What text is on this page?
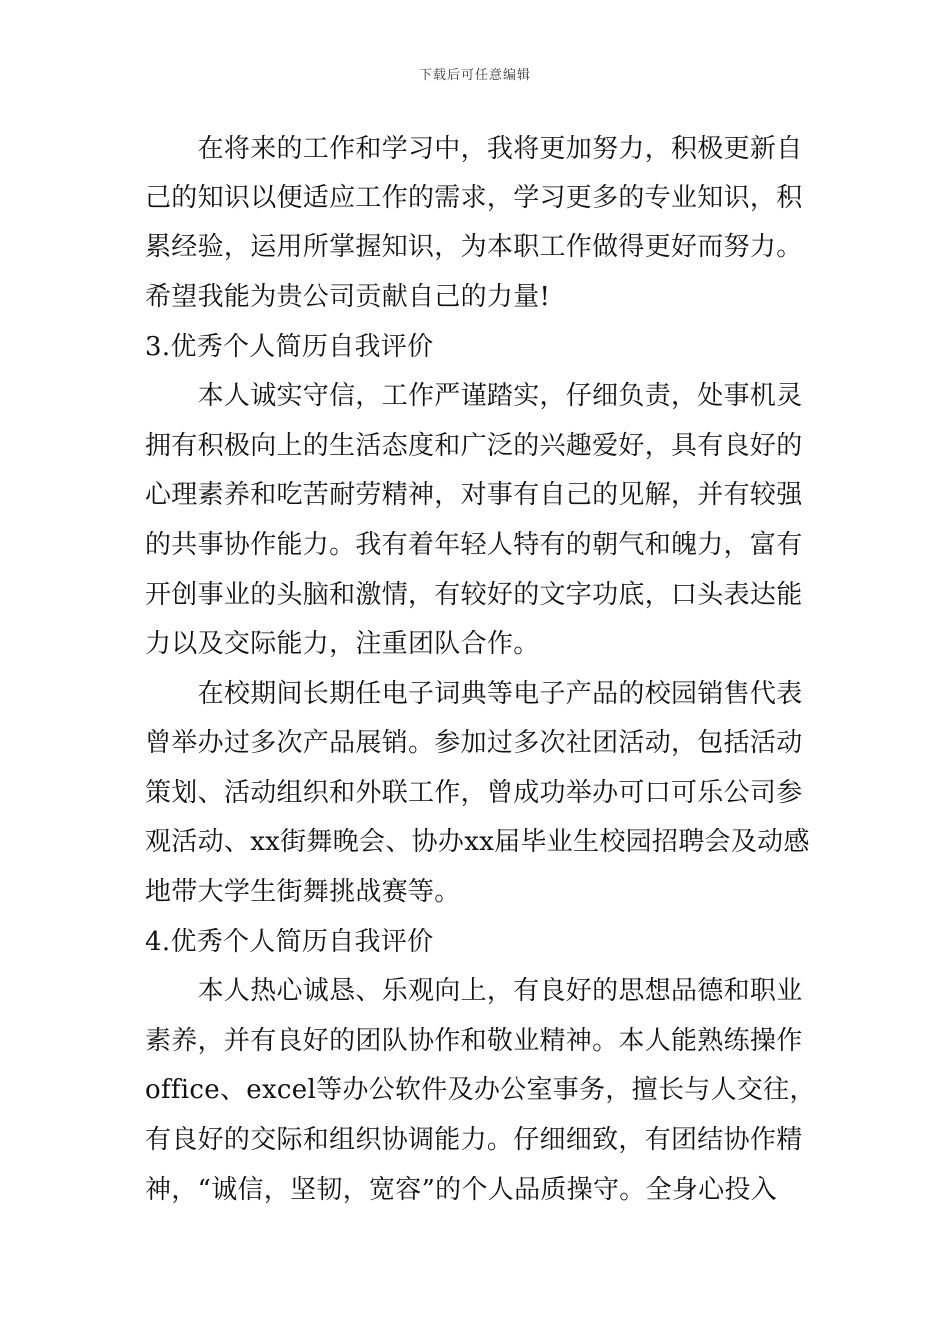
下载后可任意编辑
　　在将来的工作和学习中，我将更加努力，积极更新自
己的知识以便适应工作的需求，学习更多的专业知识，积
累经验，运用所掌握知识，为本职工作做得更好而努力。
希望我能为贵公司贡献自己的力量!
3.优秀个人简历自我评价
　　本人诚实守信，工作严谨踏实，仔细负责，处事机灵
拥有积极向上的生活态度和广泛的兴趣爱好，具有良好的
心理素养和吃苦耐劳精神，对事有自己的见解，并有较强
的共事协作能力。我有着年轻人特有的朝气和魄力，富有
开创事业的头脑和激情，有较好的文字功底，口头表达能
力以及交际能力，注重团队合作。
　　在校期间长期任电子词典等电子产品的校园销售代表
曾举办过多次产品展销。参加过多次社团活动，包括活动
策划、活动组织和外联工作，曾成功举办可口可乐公司参
观活动、xx街舞晚会、协办xx届毕业生校园招聘会及动感
地带大学生街舞挑战赛等。
4.优秀个人简历自我评价
　　本人热心诚恳、乐观向上，有良好的思想品德和职业
素养，并有良好的团队协作和敬业精神。本人能熟练操作
office、excel等办公软件及办公室事务，擅长与人交往，
有良好的交际和组织协调能力。仔细细致，有团结协作精
神，“诚信，坚韧，宽容”的个人品质操守。全身心投入
